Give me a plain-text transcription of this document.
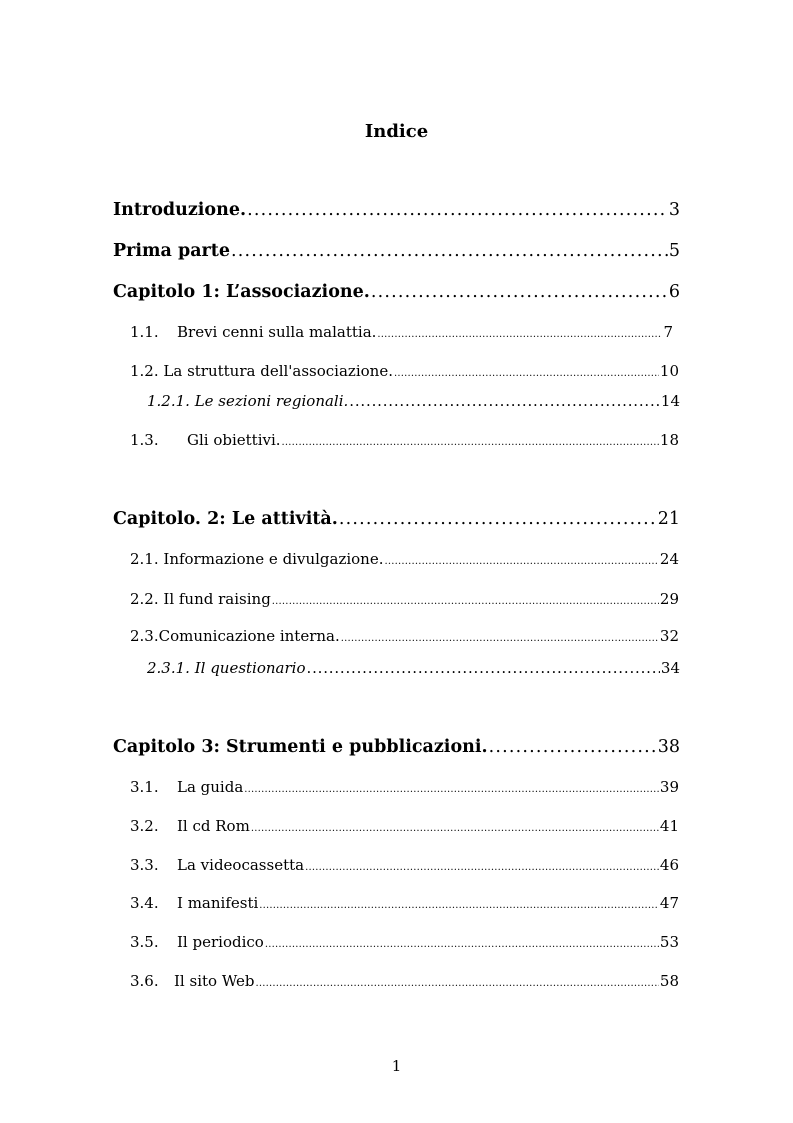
Indice
Introduzione. .....	3
Prima parte .....	5
Capitolo 1: L’associazione. .....	6
1.1. Brevi cenni sulla malattia. .....	7
1.2. La struttura dell'associazione. .....	10
1.2.1. Le sezioni regionali. .....	14
1.3. Gli obiettivi. .....	18
Capitolo. 2: Le attività. .....	21
2.1. Informazione e divulgazione. .....	24
2.2. Il fund raising .....	29
2.3.Comunicazione interna. .....	32
2.3.1. Il questionario .....	34
Capitolo 3: Strumenti e pubblicazioni. .....	38
3.1. La guida .....	39
3.2. Il cd Rom .....	41
3.3. La videocassetta .....	46
3.4. I manifesti .....	47
3.5. Il periodico .....	53
3.6. Il sito Web .....	58
1
